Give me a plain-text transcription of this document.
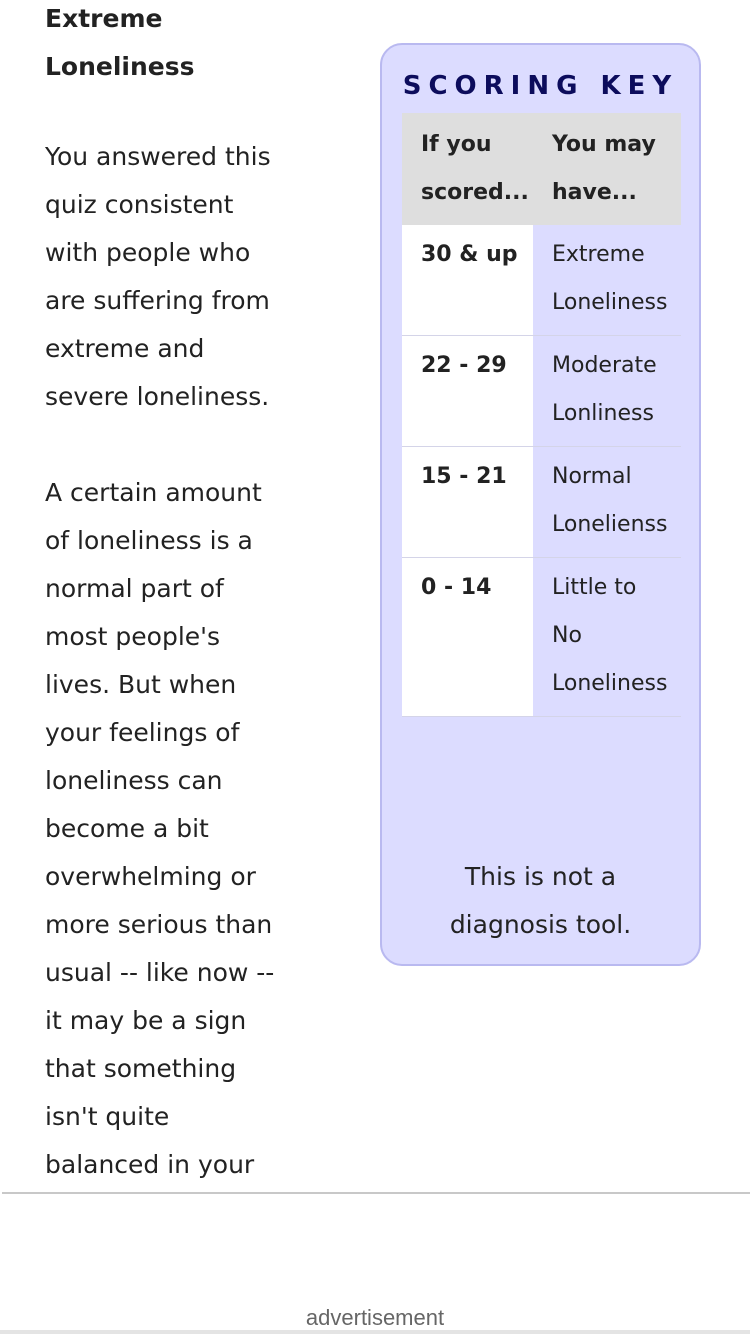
Extreme Loneliness

You answered this quiz consistent with people who are suffering from extreme and severe loneliness.

A certain amount of loneliness is a normal part of most people's lives. But when your feelings of loneliness can become a bit overwhelming or more serious than usual -- like now -- it may be a sign that something isn't quite balanced in your

SCORING KEY
If you scored...	You may have...
30 & up	Extreme Loneliness
22 - 29	Moderate Lonliness
15 - 21	Normal Lonelienss
0 - 14	Little to No Loneliness
This is not a diagnosis tool.
advertisement
